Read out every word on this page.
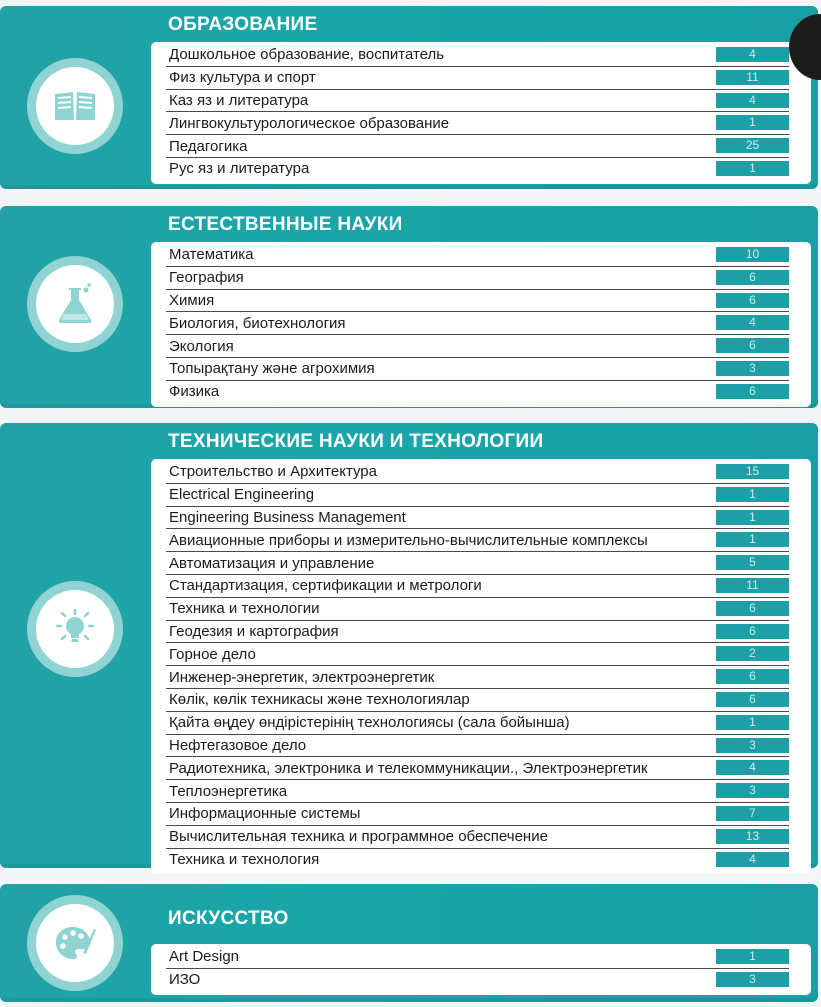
ОБРАЗОВАНИЕ
Дошкольное образование, воспитатель	4
Физ культура и спорт	11
Каз яз и литература	4
Лингвокультурологическое образование	1
Педагогика	25
Рус яз и литература	1
ЕСТЕСТВЕННЫЕ НАУКИ
Математика	10
География	6
Химия	6
Биология, биотехнология	4
Экология	6
Топырақтану және агрохимия	3
Физика	6
ТЕХНИЧЕСКИЕ НАУКИ И ТЕХНОЛОГИИ
Строительство и Архитектура	15
Electrical Engineering	1
Engineering Business Management	1
Авиационные приборы и измерительно-вычислительные комплексы	1
Автоматизация и управление	5
Стандартизация, сертификации и метрологи	11
Техника и технологии	6
Геодезия и картография	6
Горное дело	2
Инженер-энергетик, электроэнергетик	6
Көлік, көлік техникасы және технологиялар	6
Қайта өңдеу өндірістерінің технологиясы (сала бойынша)	1
Нефтегазовое дело	3
Радиотехника, электроника и телекоммуникации., Электроэнергетик	4
Теплоэнергетика	3
Информационные системы	7
Вычислительная техника и программное обеспечение	13
Техника и технология	4
ИСКУССТВО
Art Design	1
ИЗО	3
